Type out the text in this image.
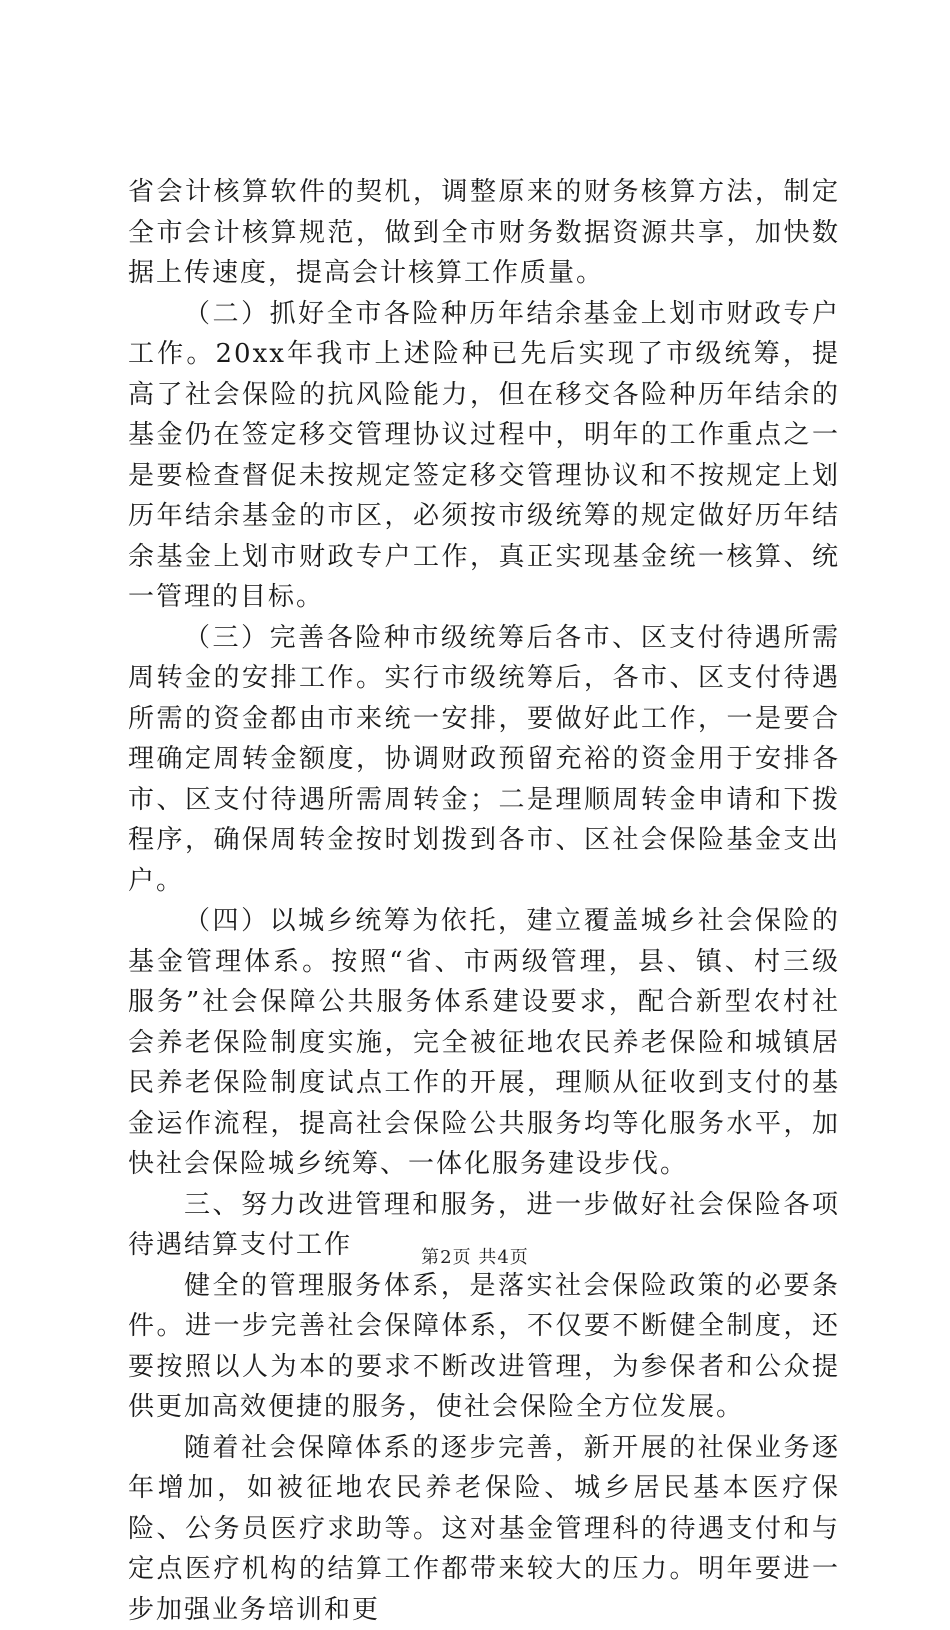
省会计核算软件的契机，调整原来的财务核算方法，制定全市会计核算规范，做到全市财务数据资源共享，加快数据上传速度，提高会计核算工作质量。

（二）抓好全市各险种历年结余基金上划市财政专户工作。20xx年我市上述险种已先后实现了市级统筹，提高了社会保险的抗风险能力，但在移交各险种历年结余的基金仍在签定移交管理协议过程中，明年的工作重点之一是要检查督促未按规定签定移交管理协议和不按规定上划历年结余基金的市区，必须按市级统筹的规定做好历年结余基金上划市财政专户工作，真正实现基金统一核算、统一管理的目标。

（三）完善各险种市级统筹后各市、区支付待遇所需周转金的安排工作。实行市级统筹后，各市、区支付待遇所需的资金都由市来统一安排，要做好此工作，一是要合理确定周转金额度，协调财政预留充裕的资金用于安排各市、区支付待遇所需周转金；二是理顺周转金申请和下拨程序，确保周转金按时划拨到各市、区社会保险基金支出户。

（四）以城乡统筹为依托，建立覆盖城乡社会保险的基金管理体系。按照“省、市两级管理，县、镇、村三级服务”社会保障公共服务体系建设要求，配合新型农村社会养老保险制度实施，完全被征地农民养老保险和城镇居民养老保险制度试点工作的开展，理顺从征收到支付的基金运作流程，提高社会保险公共服务均等化服务水平，加快社会保险城乡统筹、一体化服务建设步伐。

三、努力改进管理和服务，进一步做好社会保险各项待遇结算支付工作

健全的管理服务体系，是落实社会保险政策的必要条件。进一步完善社会保障体系，不仅要不断健全制度，还要按照以人为本的要求不断改进管理，为参保者和公众提供更加高效便捷的服务，使社会保险全方位发展。

随着社会保障体系的逐步完善，新开展的社保业务逐年增加，如被征地农民养老保险、城乡居民基本医疗保险、公务员医疗求助等。这对基金管理科的待遇支付和与定点医疗机构的结算工作都带来较大的压力。明年要进一步加强业务培训和更

第2页 共4页
